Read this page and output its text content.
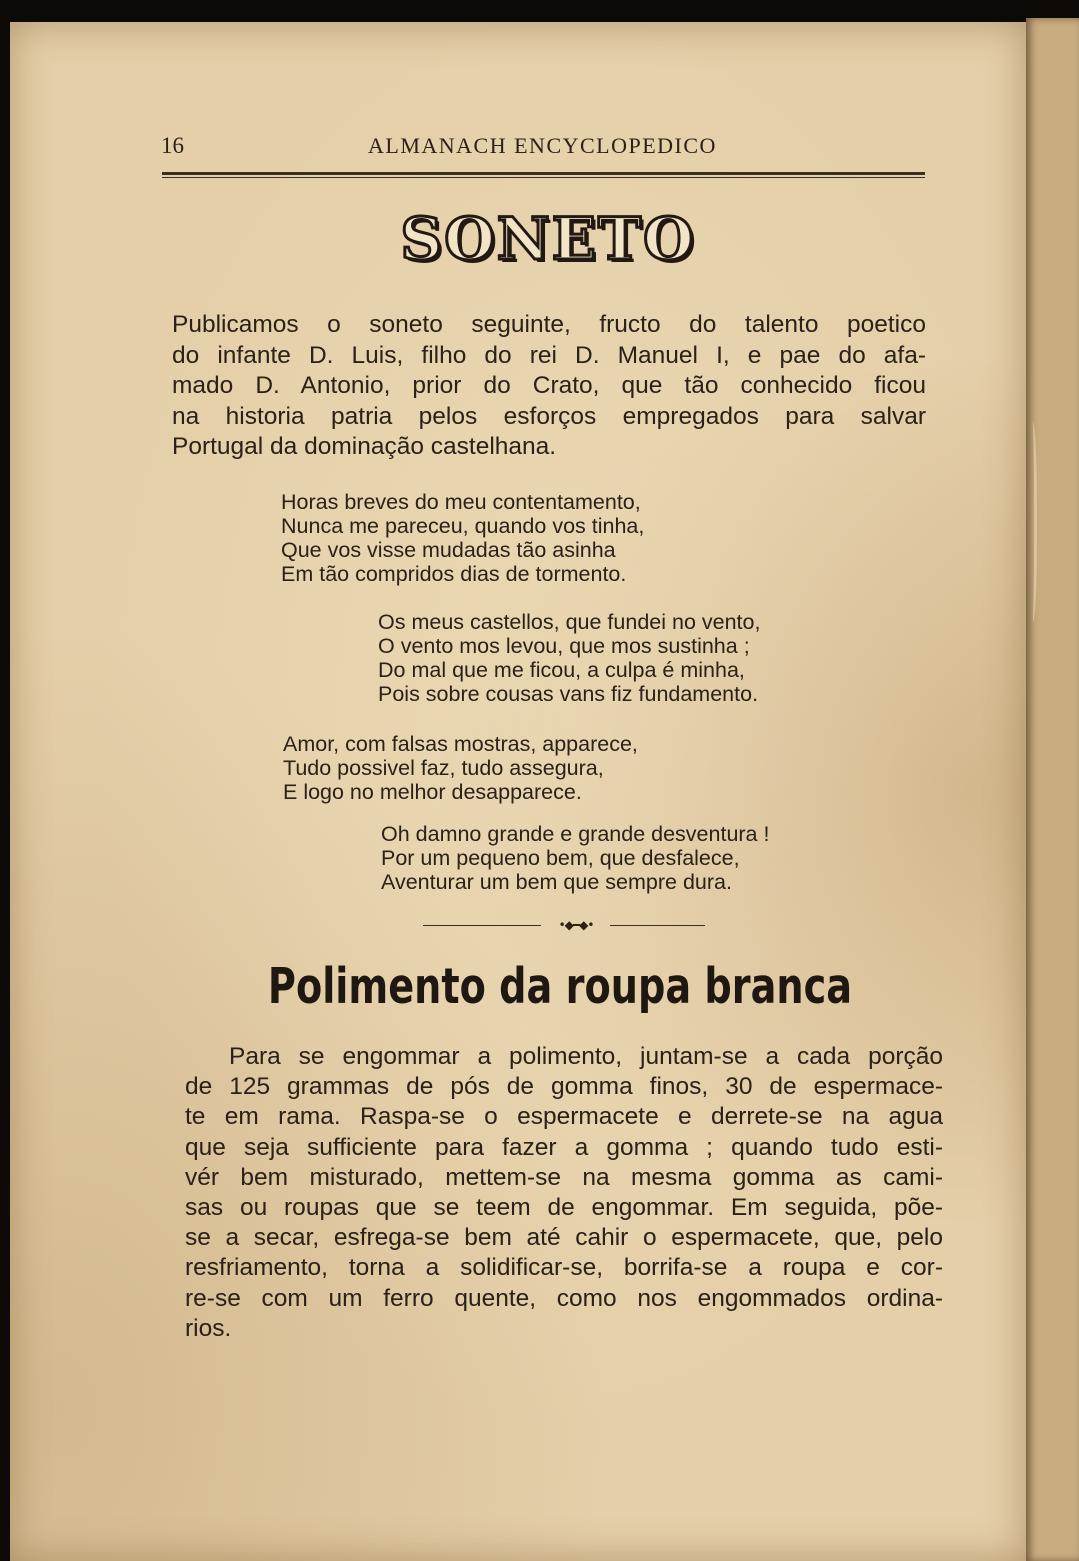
16	ALMANACH ENCYCLOPEDICO

SONETO

Publicamos o soneto seguinte, fructo do talento poetico
do infante D. Luis, filho do rei D. Manuel I, e pae do afa-
mado D. Antonio, prior do Crato, que tão conhecido ficou
na historia patria pelos esforços empregados para salvar
Portugal da dominação castelhana.

Horas breves do meu contentamento,
Nunca me pareceu, quando vos tinha,
Que vos visse mudadas tão asinha
Em tão compridos dias de tormento.

Os meus castellos, que fundei no vento,
O vento mos levou, que mos sustinha ;
Do mal que me ficou, a culpa é minha,
Pois sobre cousas vans fiz fundamento.

Amor, com falsas mostras, apparece,
Tudo possivel faz, tudo assegura,
E logo no melhor desapparece.

Oh damno grande e grande desventura !
Por um pequeno bem, que desfalece,
Aventurar um bem que sempre dura.

•◆━◆•
Polimento da roupa branca

Para se engommar a polimento, juntam-se a cada porção
de 125 grammas de pós de gomma finos, 30 de espermace-
te em rama. Raspa-se o espermacete e derrete-se na agua
que seja sufficiente para fazer a gomma ; quando tudo esti-
vér bem misturado, mettem-se na mesma gomma as cami-
sas ou roupas que se teem de engommar. Em seguida, põe-
se a secar, esfrega-se bem até cahir o espermacete, que, pelo
resfriamento, torna a solidificar-se, borrifa-se a roupa e cor-
re-se com um ferro quente, como nos engommados ordina-
rios.
